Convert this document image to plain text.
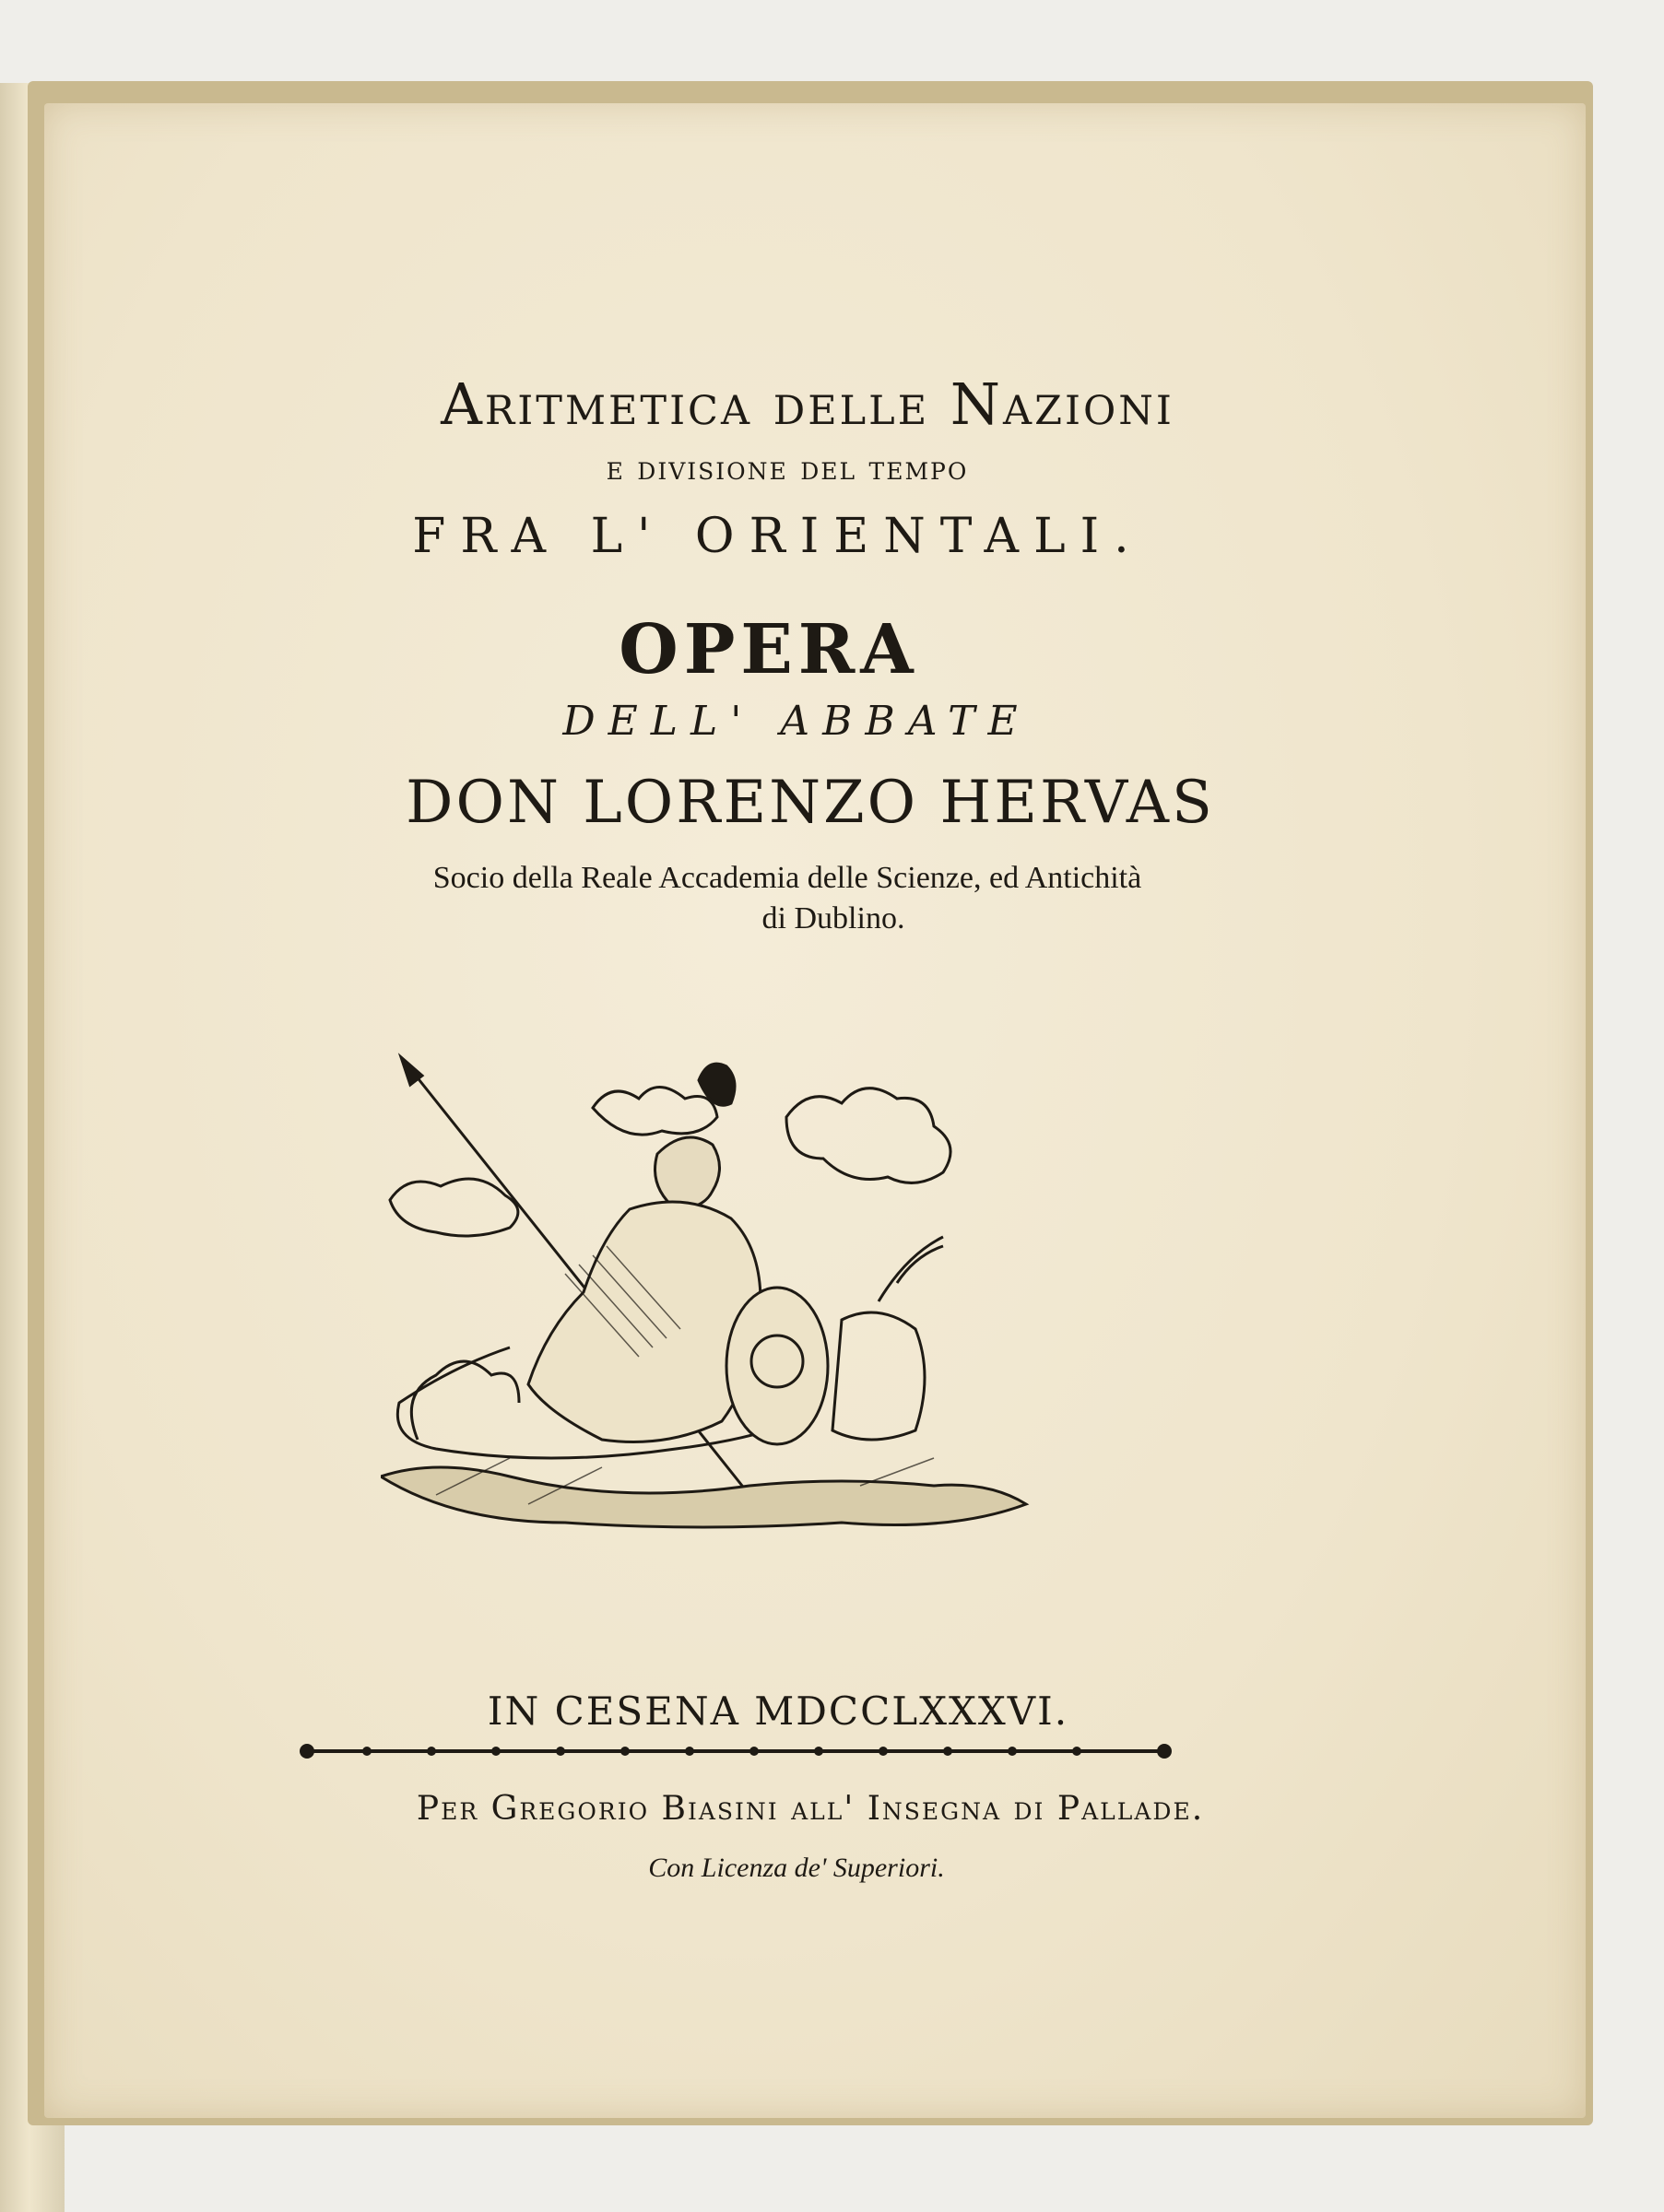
Aritmetica delle Nazioni
e divisione del tempo
FRA L' ORIENTALI.
OPERA
DELL' ABBATE
DON LORENZO HERVAS
Socio della Reale Accademia delle Scienze, ed Antichità
di Dublino.
IN CESENA MDCCLXXXVI.
Per Gregorio Biasini all' Insegna di Pallade.
Con Licenza de' Superiori.
